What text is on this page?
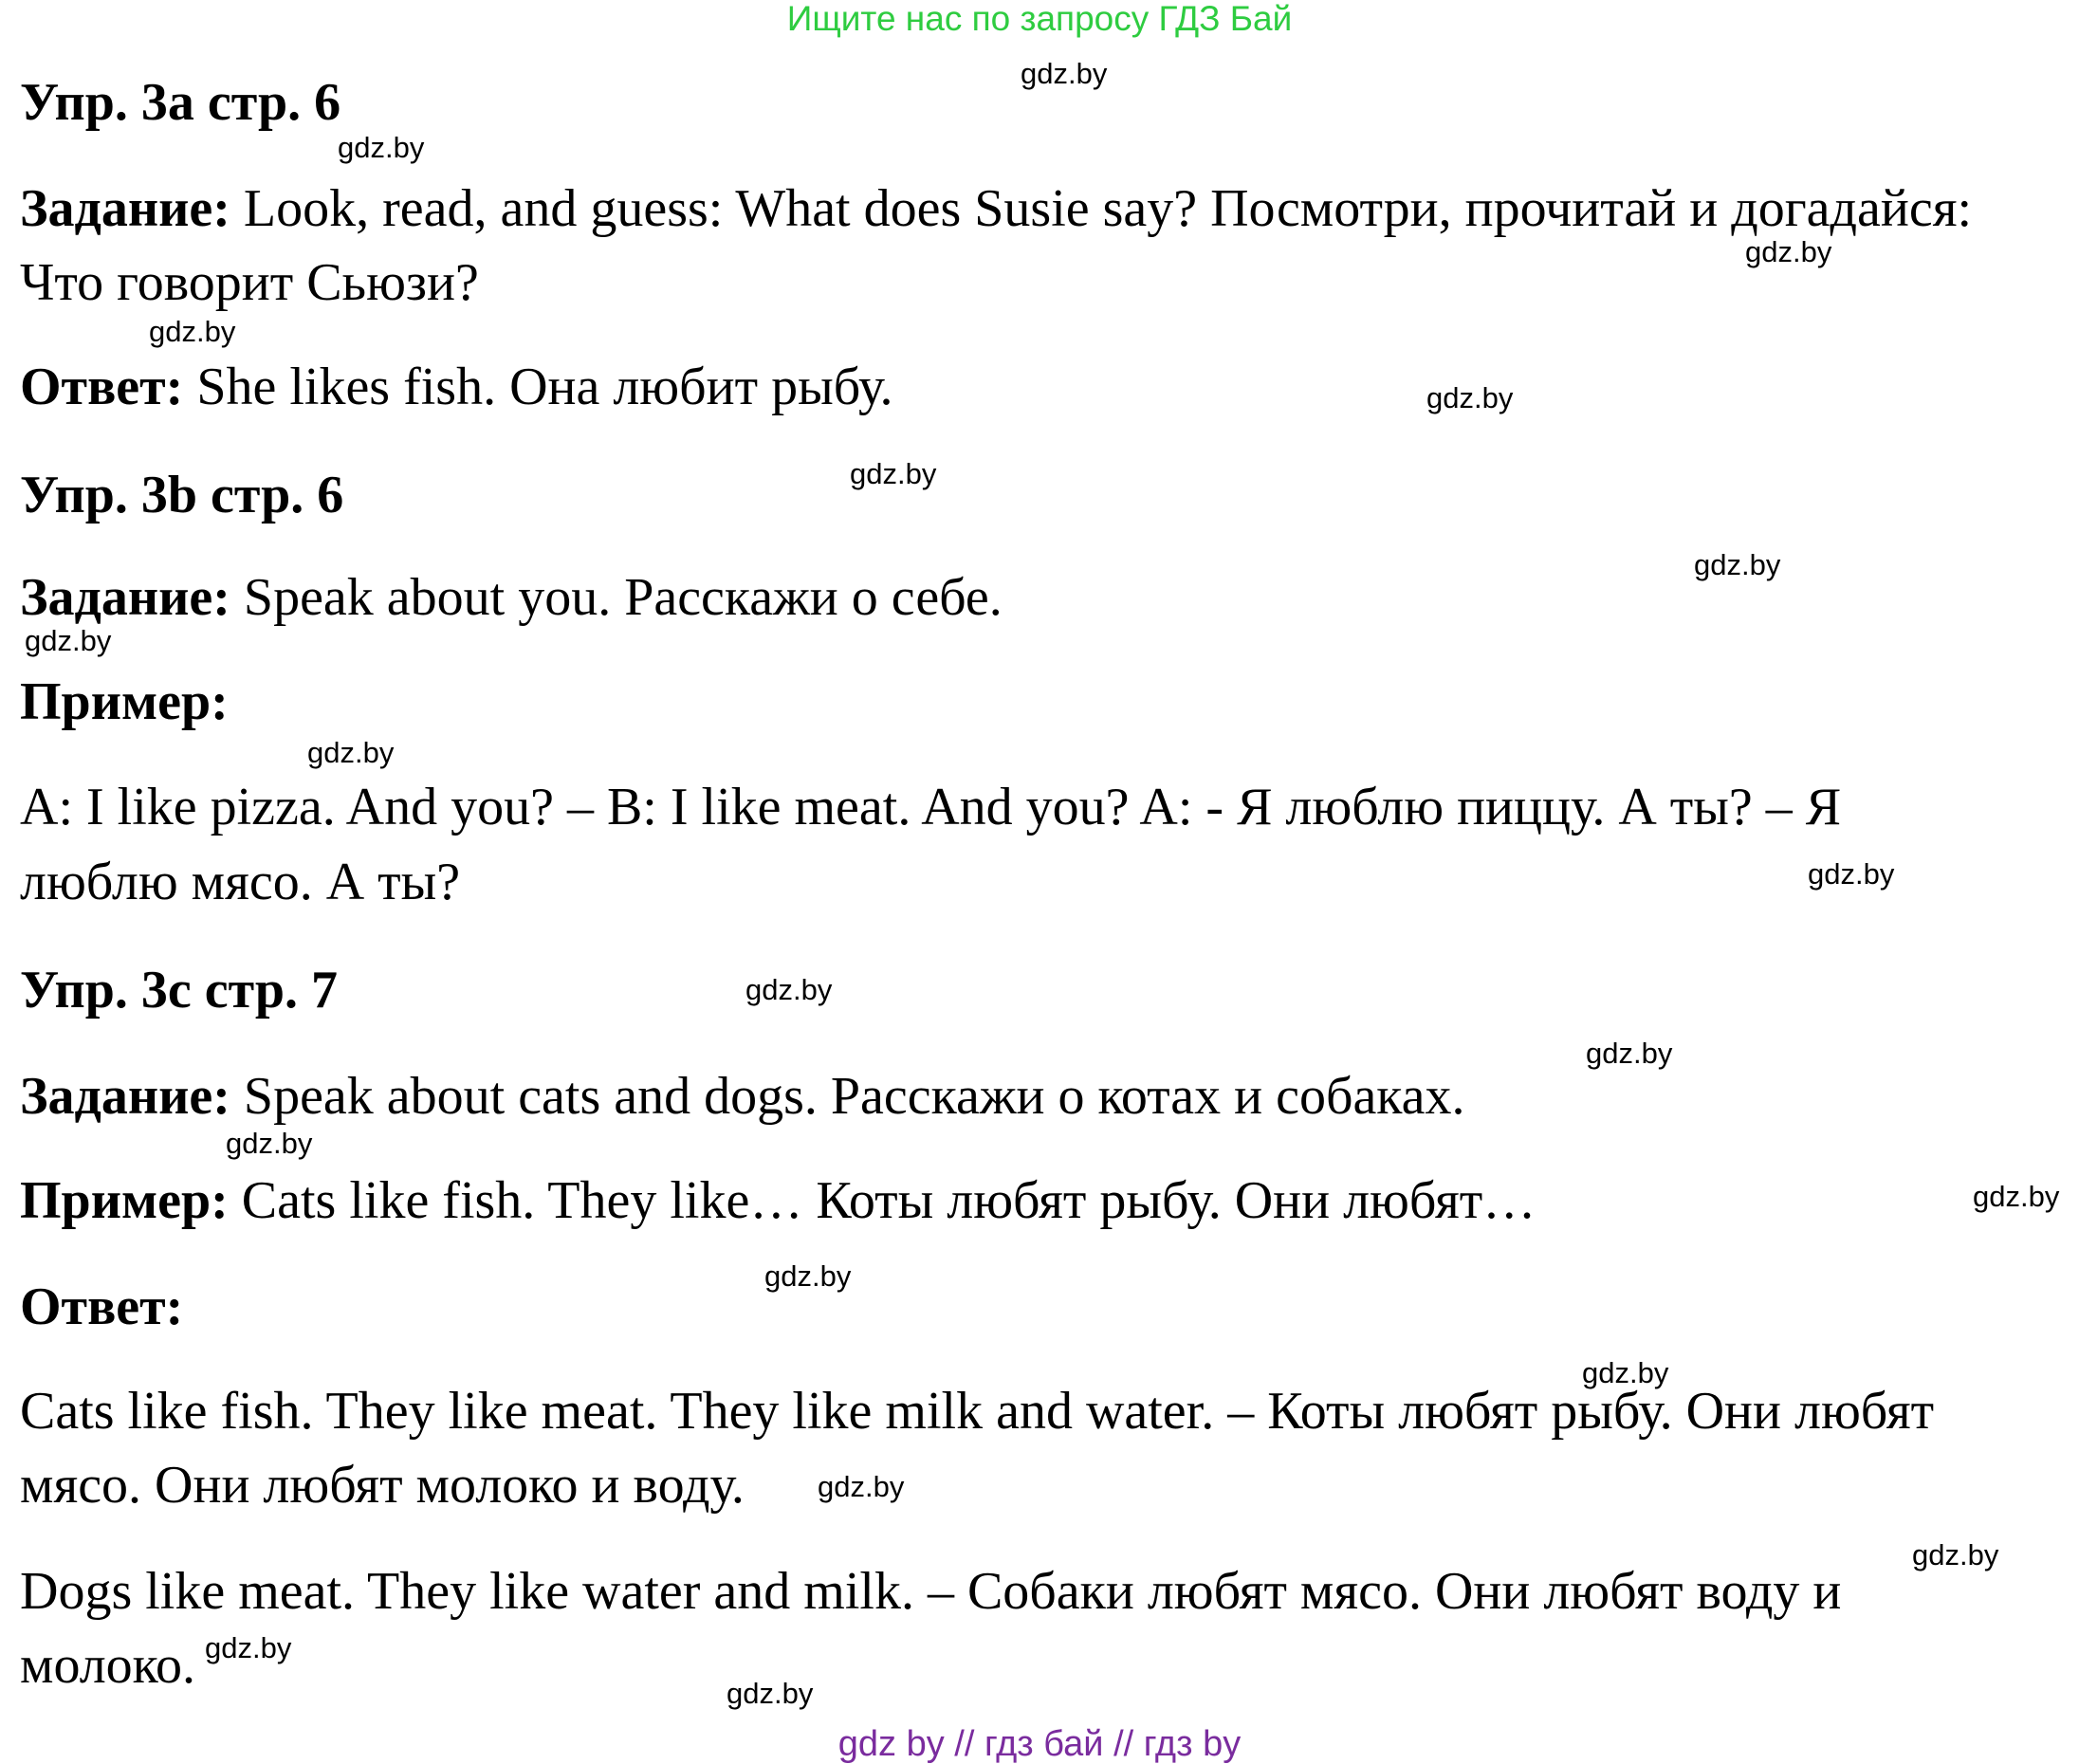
Ищите нас по запросу ГДЗ Бай
Упр. 3a стр. 6
Задание: Look, read, and guess: What does Susie say? Посмотри, прочитай и догадайся:
Что говорит Сьюзи?
Ответ: She likes fish. Она любит рыбу.
Упр. 3b стр. 6
Задание: Speak about you. Расскажи о себе.
Пример:
A: I like pizza. And you? – B: I like meat. And you? A: - Я люблю пиццу. А ты? – Я
люблю мясо. А ты?
Упр. 3с стр. 7
Задание: Speak about cats and dogs. Расскажи о котах и собаках.
Пример: Cats like fish. They like… Коты любят рыбу. Они любят…
Ответ:
Cats like fish. They like meat. They like milk and water. – Коты любят рыбу. Они любят
мясо. Они любят молоко и воду.
Dogs like meat. They like water and milk. – Собаки любят мясо. Они любят воду и
молоко.
gdz.by
gdz.by
gdz.by
gdz.by
gdz.by
gdz.by
gdz.by
gdz.by
gdz.by
gdz.by
gdz.by
gdz.by
gdz.by
gdz.by
gdz.by
gdz.by
gdz.by
gdz.by
gdz.by
gdz.by
gdz by // гдз бай // гдз by
